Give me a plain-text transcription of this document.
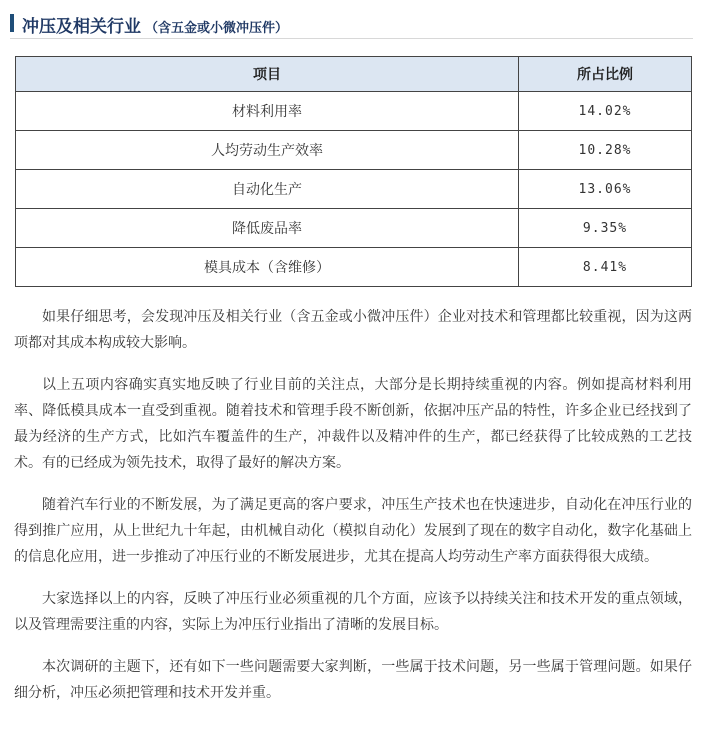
冲压及相关行业 （含五金或小微冲压件）
项目	所占比例
材料利用率	14.02%
人均劳动生产效率	10.28%
自动化生产	13.06%
降低废品率	9.35%
模具成本（含维修）	8.41%

如果仔细思考，会发现冲压及相关行业（含五金或小微冲压件）企业对技术和管理都比较重视，因为这两项都对其成本构成较大影响。

以上五项内容确实真实地反映了行业目前的关注点，大部分是长期持续重视的内容。例如提高材料利用率、降低模具成本一直受到重视。随着技术和管理手段不断创新，依据冲压产品的特性，许多企业已经找到了最为经济的生产方式，比如汽车覆盖件的生产，冲裁件以及精冲件的生产，都已经获得了比较成熟的工艺技术。有的已经成为领先技术，取得了最好的解决方案。

随着汽车行业的不断发展，为了满足更高的客户要求，冲压生产技术也在快速进步，自动化在冲压行业的得到推广应用，从上世纪九十年起，由机械自动化（模拟自动化）发展到了现在的数字自动化，数字化基础上的信息化应用，进一步推动了冲压行业的不断发展进步，尤其在提高人均劳动生产率方面获得很大成绩。

大家选择以上的内容，反映了冲压行业必须重视的几个方面，应该予以持续关注和技术开发的重点领域，以及管理需要注重的内容，实际上为冲压行业指出了清晰的发展目标。

本次调研的主题下，还有如下一些问题需要大家判断，一些属于技术问题，另一些属于管理问题。如果仔细分析，冲压必须把管理和技术开发并重。
